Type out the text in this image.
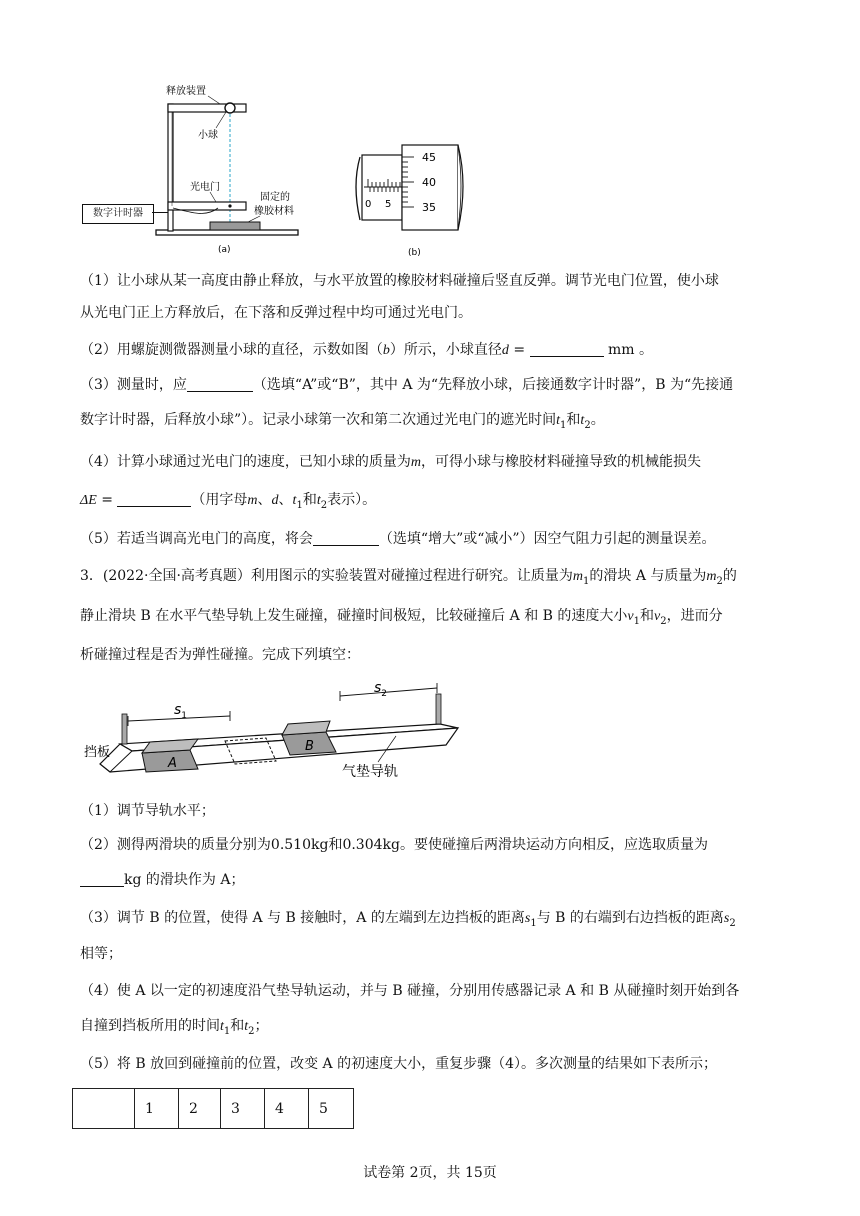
释放装置
小球
光电门
固定的
橡胶材料
(a)
数字计时器
0 5
45
40
35
(b)
（1）让小球从某一高度由静止释放，与水平放置的橡胶材料碰撞后竖直反弹。调节光电门位置，使小球
从光电门正上方释放后，在下落和反弹过程中均可通过光电门。
（2）用螺旋测微器测量小球的直径，示数如图（b）所示，小球直径d =	mm 。
（3）测量时，应	（选填“A”或“B”，其中 A 为“先释放小球，后接通数字计时器”，B 为“先接通
数字计时器，后释放小球”）。记录小球第一次和第二次通过光电门的遮光时间$t_1$和$t_2$。
（4）计算小球通过光电门的速度，已知小球的质量为m，可得小球与橡胶材料碰撞导致的机械能损失
ΔE =	（用字母m、d、$t_1$和$t_2$表示）。
（5）若适当调高光电门的高度，将会	（选填“增大”或“减小”）因空气阻力引起的测量误差。
3．(2022·全国·高考真题）利用图示的实验装置对碰撞过程进行研究。让质量为$m_1$的滑块 A 与质量为$m_2$的
静止滑块 B 在水平气垫导轨上发生碰撞，碰撞时间极短，比较碰撞后 A 和 B 的速度大小$v_1$和$v_2$，进而分
析碰撞过程是否为弹性碰撞。完成下列填空：
A
B
$s_1$
$s_2$
挡板
气垫导轨
（1）调节导轨水平；
（2）测得两滑块的质量分别为0.510kg和0.304kg。要使碰撞后两滑块运动方向相反，应选取质量为
kg 的滑块作为 A；
（3）调节 B 的位置，使得 A 与 B 接触时，A 的左端到左边挡板的距离$s_1$与 B 的右端到右边挡板的距离$s_2$
相等；
（4）使 A 以一定的初速度沿气垫导轨运动，并与 B 碰撞，分别用传感器记录 A 和 B 从碰撞时刻开始到各
自撞到挡板所用的时间$t_1$和$t_2$；
（5）将 B 放回到碰撞前的位置，改变 A 的初速度大小，重复步骤（4）。多次测量的结果如下表所示；
	1	2	3	4	5
试卷第 2页，共 15页
